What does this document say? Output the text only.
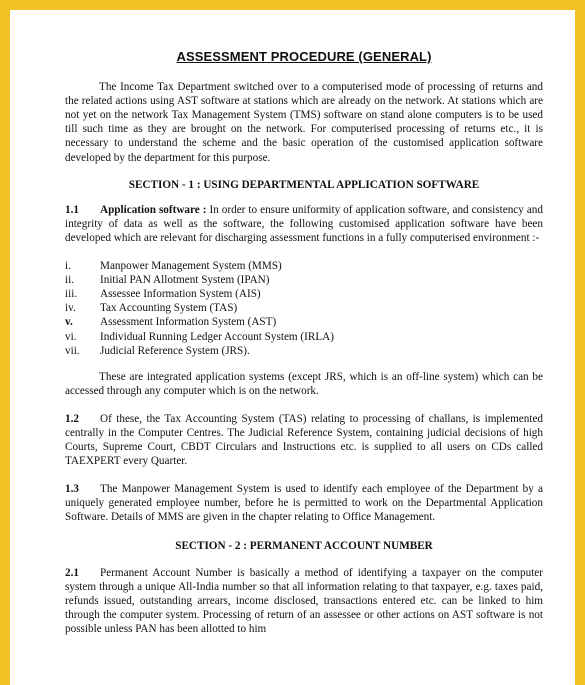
ASSESSMENT PROCEDURE (GENERAL)

The Income Tax Department switched over to a computerised mode of processing of returns and the related actions using AST software at stations which are already on the network. At stations which are not yet on the network Tax Management System (TMS) software on stand alone computers is to be used till such time as they are brought on the network. For computerised processing of returns etc., it is necessary to understand the scheme and the basic operation of the customised application software developed by the department for this purpose.

SECTION - 1 : USING DEPARTMENTAL APPLICATION SOFTWARE

1.1 Application software : In order to ensure uniformity of application software, and consistency and integrity of data as well as the software, the following customised application software have been developed which are relevant for discharging assessment functions in a fully computerised environment :-

i.	Manpower Management System (MMS)
ii.	Initial PAN Allotment System (IPAN)
iii.	Assessee Information System (AIS)
iv.	Tax Accounting System (TAS)
v.	Assessment Information System (AST)
vi.	Individual Running Ledger Account System (IRLA)
vii.	Judicial Reference System (JRS).

These are integrated application systems (except JRS, which is an off-line system) which can be accessed through any computer which is on the network.

1.2 Of these, the Tax Accounting System (TAS) relating to processing of challans, is implemented centrally in the Computer Centres. The Judicial Reference System, containing judicial decisions of high Courts, Supreme Court, CBDT Circulars and Instructions etc. is supplied to all users on CDs called TAEXPERT every Quarter.

1.3 The Manpower Management System is used to identify each employee of the Department by a uniquely generated employee number, before he is permitted to work on the Departmental Application Software. Details of MMS are given in the chapter relating to Office Management.

SECTION - 2 : PERMANENT ACCOUNT NUMBER

2.1 Permanent Account Number is basically a method of identifying a taxpayer on the computer system through a unique All-India number so that all information relating to that taxpayer, e.g. taxes paid, refunds issued, outstanding arrears, income disclosed, transactions entered etc. can be linked to him through the computer system. Processing of return of an assessee or other actions on AST software is not possible unless PAN has been allotted to him
